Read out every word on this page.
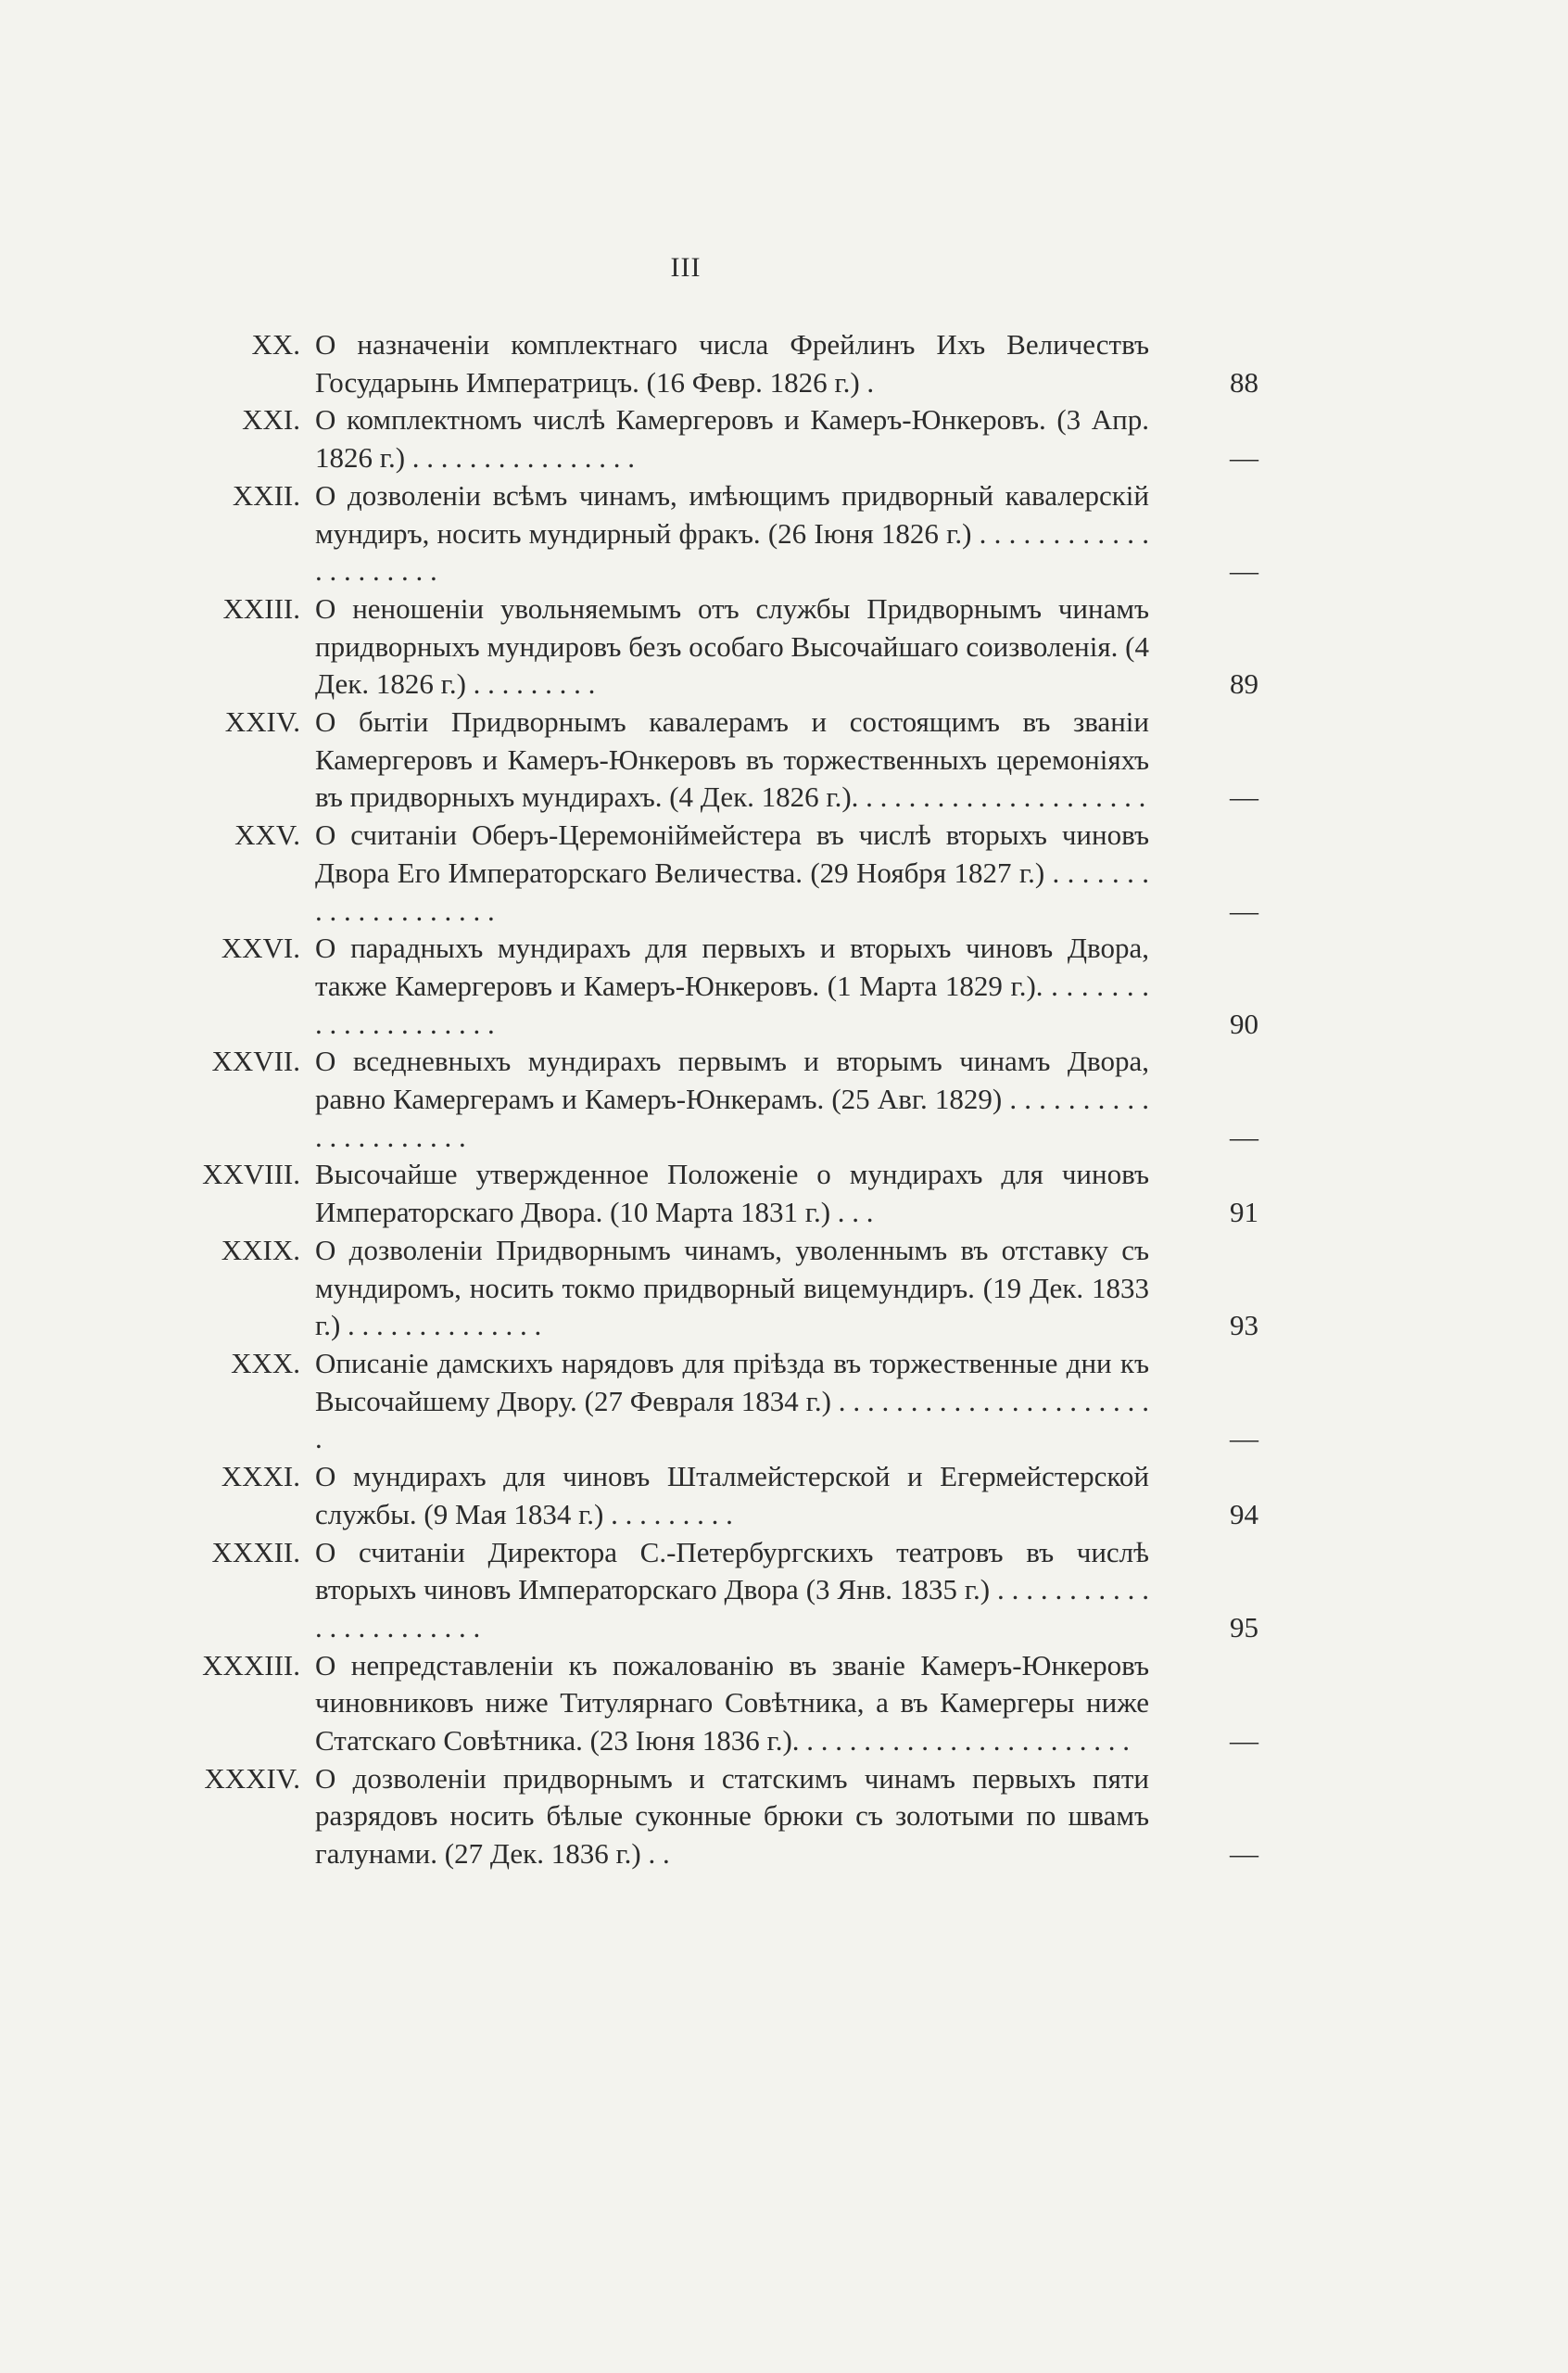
III
XX. О назначеніи комплектнаго числа Фрейлинъ Ихъ Величествъ Государынь Императрицъ. (16 Февр. 1826 г.) .	88
XXI. О комплектномъ числѣ Камергеровъ и Камеръ-Юнкеровъ. (3 Апр. 1826 г.) . . . . . . . . . . . . . . . .	—
XXII. О дозволеніи всѣмъ чинамъ, имѣющимъ придворный кавалерскій мундиръ, носить мундирный фракъ. (26 Іюня 1826 г.) . . . . . . . . . . . . . . . . . . . . .	—
XXIII. О неношеніи увольняемымъ отъ службы Придворнымъ чинамъ придворныхъ мундировъ безъ особаго Высочайшаго соизволенія. (4 Дек. 1826 г.) . . . . . . . . .	89
XXIV. О бытіи Придворнымъ кавалерамъ и состоящимъ въ званіи Камергеровъ и Камеръ-Юнкеровъ въ торжественныхъ церемоніяхъ въ придворныхъ мундирахъ. (4 Дек. 1826 г.). . . . . . . . . . . . . . . . . . . . .	—
XXV. О считаніи Оберъ-Церемоніймейстера въ числѣ вторыхъ чиновъ Двора Его Императорскаго Величества. (29 Ноября 1827 г.) . . . . . . . . . . . . . . . . . . . .	—
XXVI. О парадныхъ мундирахъ для первыхъ и вторыхъ чиновъ Двора, также Камергеровъ и Камеръ-Юнкеровъ. (1 Марта 1829 г.). . . . . . . . . . . . . . . . . . . . .	90
XXVII. О вседневныхъ мундирахъ первымъ и вторымъ чинамъ Двора, равно Камергерамъ и Камеръ-Юнкерамъ. (25 Авг. 1829) . . . . . . . . . . . . . . . . . . . . .	—
XXVIII. Высочайше утвержденное Положеніе о мундирахъ для чиновъ Императорскаго Двора. (10 Марта 1831 г.) . . .	91
XXIX. О дозволеніи Придворнымъ чинамъ, уволеннымъ въ отставку съ мундиромъ, носить токмо придворный вицемундиръ. (19 Дек. 1833 г.) . . . . . . . . . . . . . .	93
XXX. Описаніе дамскихъ нарядовъ для пріѣзда въ торжественные дни къ Высочайшему Двору. (27 Февраля 1834 г.) . . . . . . . . . . . . . . . . . . . . . . .	—
XXXI. О мундирахъ для чиновъ Шталмейстерской и Егермейстерской службы. (9 Мая 1834 г.) . . . . . . . . .	94
XXXII. О считаніи Директора С.-Петербургскихъ театровъ въ числѣ вторыхъ чиновъ Императорскаго Двора (3 Янв. 1835 г.) . . . . . . . . . . . . . . . . . . . . . . .	95
XXXIII. О непредставленіи къ пожалованію въ званіе Камеръ-Юнкеровъ чиновниковъ ниже Титулярнаго Совѣтника, а въ Камергеры ниже Статскаго Совѣтника. (23 Іюня 1836 г.). . . . . . . . . . . . . . . . . . . . . . . .	—
XXXIV. О дозволеніи придворнымъ и статскимъ чинамъ первыхъ пяти разрядовъ носить бѣлые суконные брюки съ золотыми по швамъ галунами. (27 Дек. 1836 г.) . .	—
